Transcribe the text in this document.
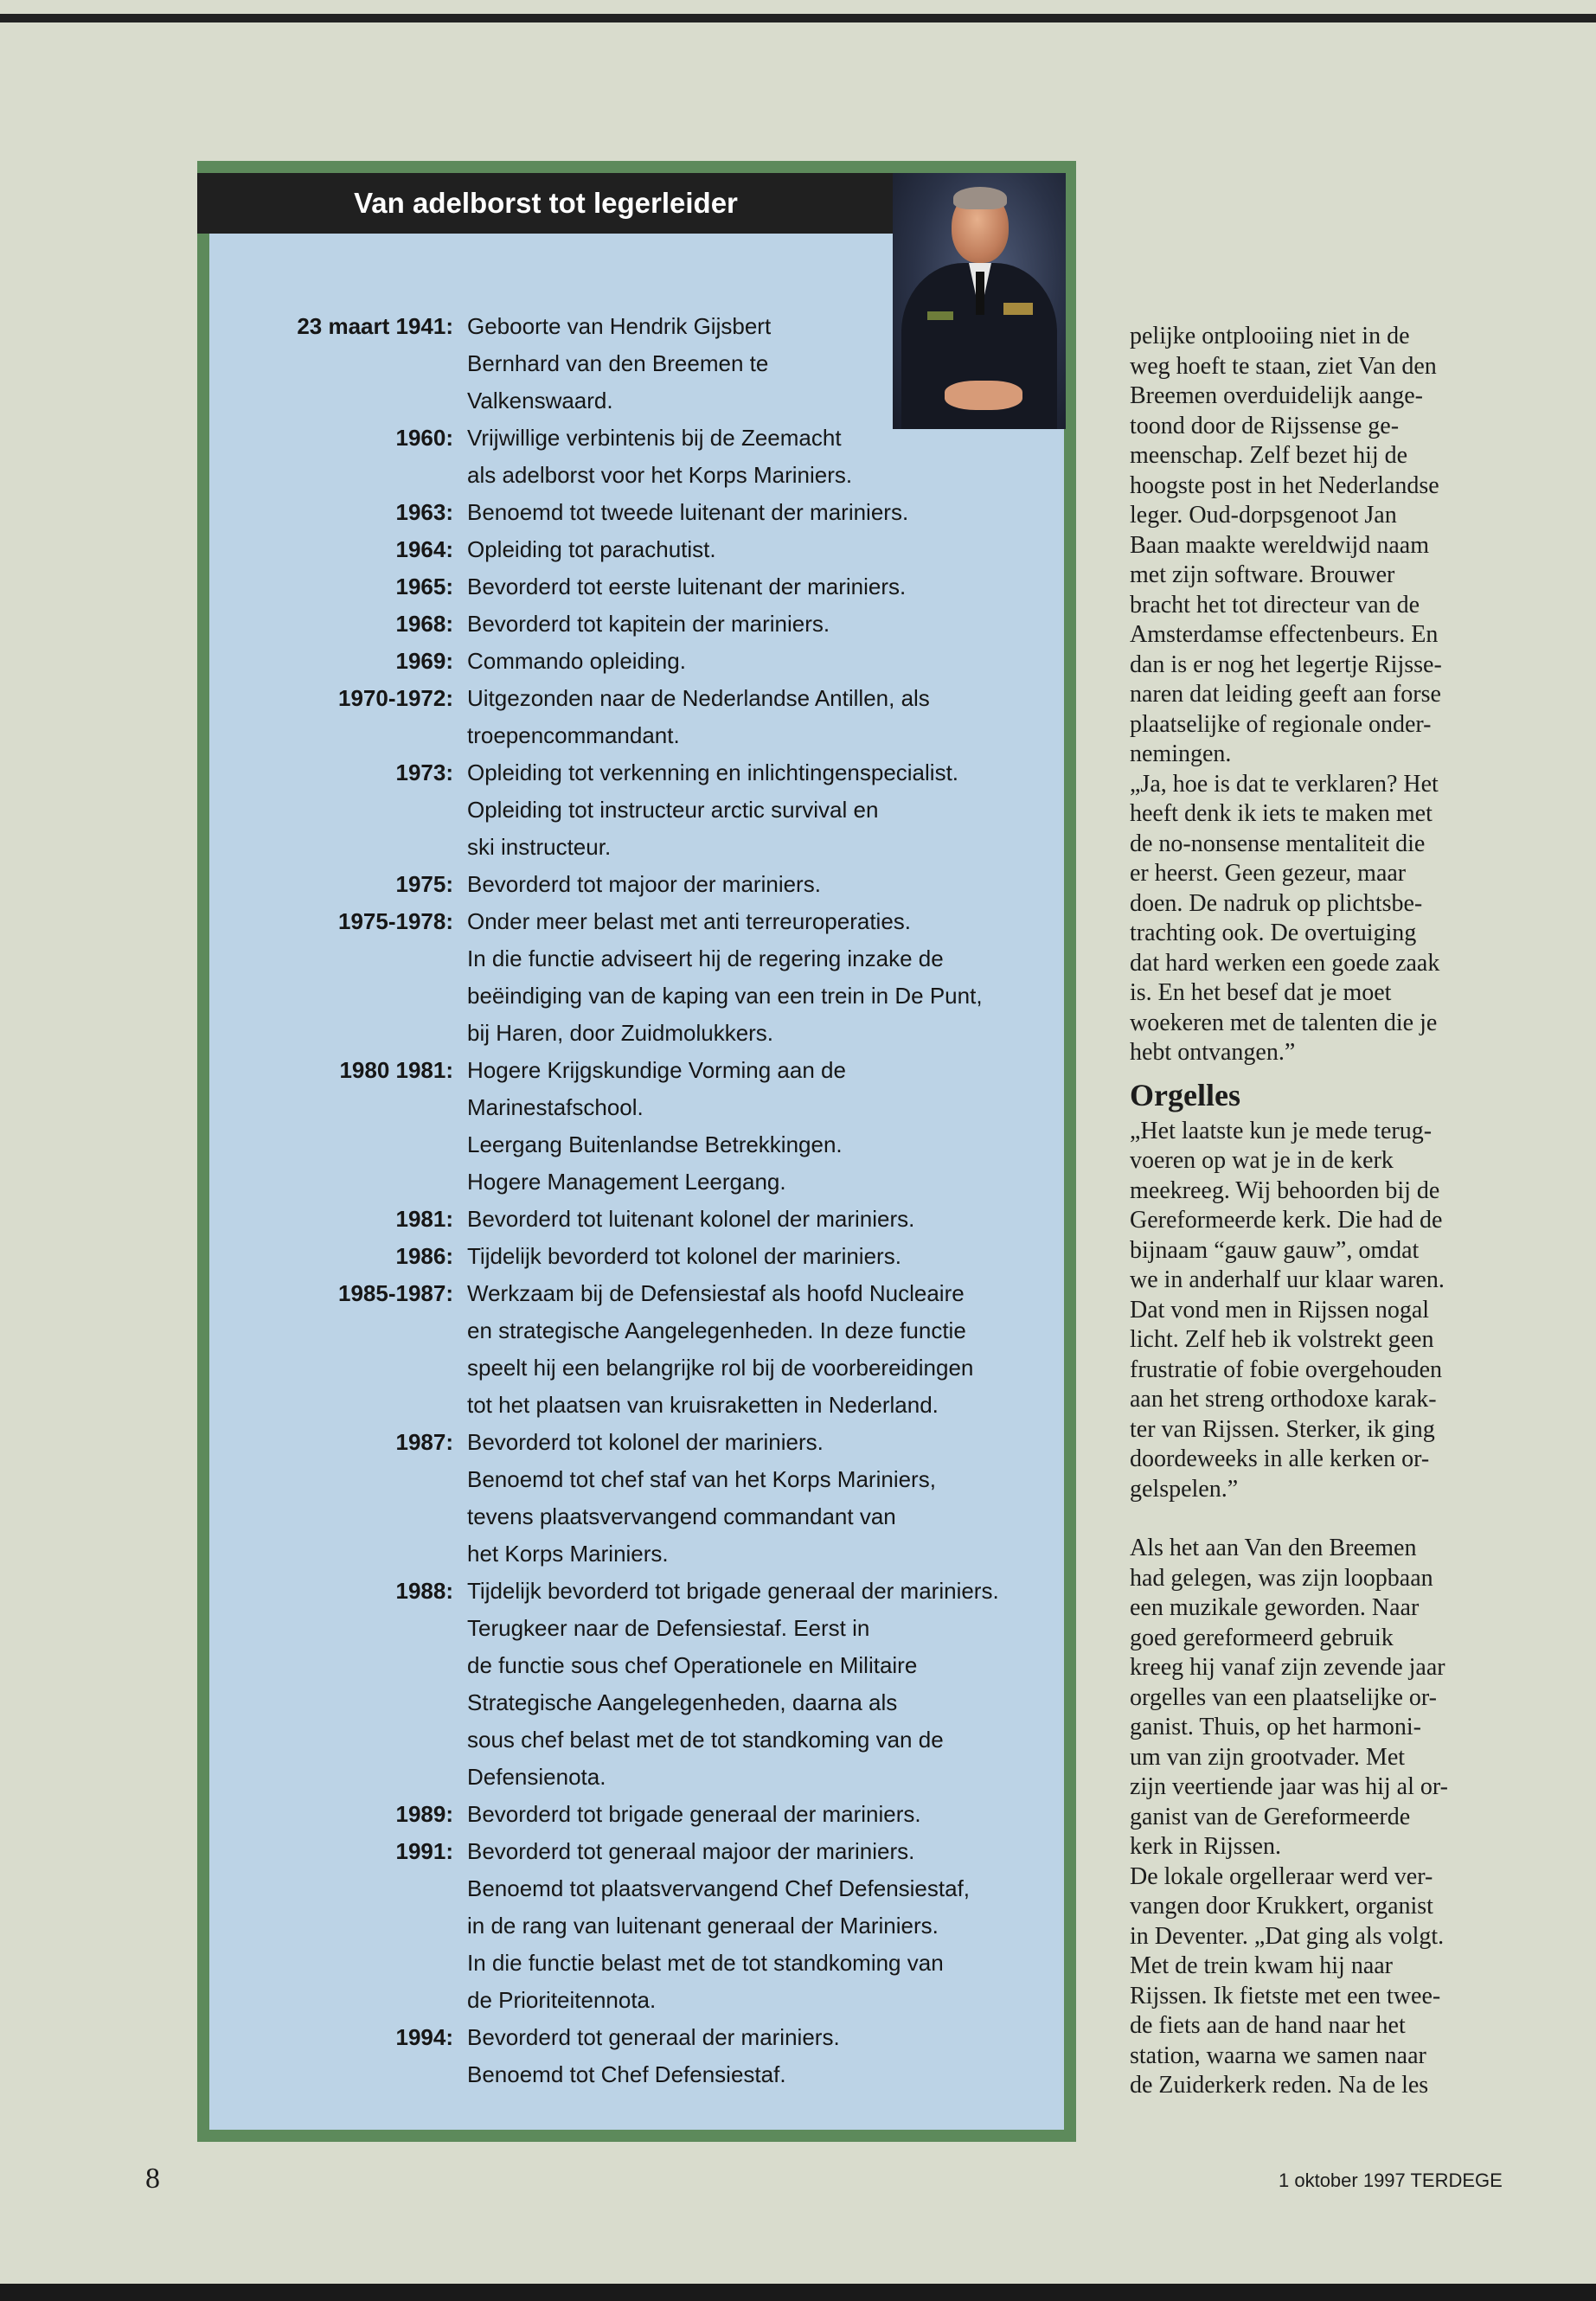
Van adelborst tot legerleider
23 maart 1941: Geboorte van Hendrik Gijsbert
Bernhard van den Breemen te
Valkenswaard.
1960: Vrijwillige verbintenis bij de Zeemacht
als adelborst voor het Korps Mariniers.
1963: Benoemd tot tweede luitenant der mariniers.
1964: Opleiding tot parachutist.
1965: Bevorderd tot eerste luitenant der mariniers.
1968: Bevorderd tot kapitein der mariniers.
1969: Commando opleiding.
1970-1972: Uitgezonden naar de Nederlandse Antillen, als
troepencommandant.
1973: Opleiding tot verkenning en inlichtingenspecialist.
Opleiding tot instructeur arctic survival en
ski instructeur.
1975: Bevorderd tot majoor der mariniers.
1975-1978: Onder meer belast met anti terreuroperaties.
In die functie adviseert hij de regering inzake de
beëindiging van de kaping van een trein in De Punt,
bij Haren, door Zuidmolukkers.
1980 1981: Hogere Krijgskundige Vorming aan de
Marinestafschool.
Leergang Buitenlandse Betrekkingen.
Hogere Management Leergang.
1981: Bevorderd tot luitenant kolonel der mariniers.
1986: Tijdelijk bevorderd tot kolonel der mariniers.
1985-1987: Werkzaam bij de Defensiestaf als hoofd Nucleaire
en strategische Aangelegenheden. In deze functie
speelt hij een belangrijke rol bij de voorbereidingen
tot het plaatsen van kruisraketten in Nederland.
1987: Bevorderd tot kolonel der mariniers.
Benoemd tot chef staf van het Korps Mariniers,
tevens plaatsvervangend commandant van
het Korps Mariniers.
1988: Tijdelijk bevorderd tot brigade generaal der mariniers.
Terugkeer naar de Defensiestaf. Eerst in
de functie sous chef Operationele en Militaire
Strategische Aangelegenheden, daarna als
sous chef belast met de tot standkoming van de
Defensienota.
1989: Bevorderd tot brigade generaal der mariniers.
1991: Bevorderd tot generaal majoor der mariniers.
Benoemd tot plaatsvervangend Chef Defensiestaf,
in de rang van luitenant generaal der Mariniers.
In die functie belast met de tot standkoming van
de Prioriteitennota.
1994: Bevorderd tot generaal der mariniers.
Benoemd tot Chef Defensiestaf.
pelijke ontplooiing niet in de
weg hoeft te staan, ziet Van den
Breemen overduidelijk aange-
toond door de Rijssense ge-
meenschap. Zelf bezet hij de
hoogste post in het Nederlandse
leger. Oud-dorpsgenoot Jan
Baan maakte wereldwijd naam
met zijn software. Brouwer
bracht het tot directeur van de
Amsterdamse effectenbeurs. En
dan is er nog het legertje Rijsse-
naren dat leiding geeft aan forse
plaatselijke of regionale onder-
nemingen.
„Ja, hoe is dat te verklaren? Het
heeft denk ik iets te maken met
de no-nonsense mentaliteit die
er heerst. Geen gezeur, maar
doen. De nadruk op plichtsbe-
trachting ook. De overtuiging
dat hard werken een goede zaak
is. En het besef dat je moet
woekeren met de talenten die je
hebt ontvangen.”
Orgelles
„Het laatste kun je mede terug-
voeren op wat je in de kerk
meekreeg. Wij behoorden bij de
Gereformeerde kerk. Die had de
bijnaam “gauw gauw”, omdat
we in anderhalf uur klaar waren.
Dat vond men in Rijssen nogal
licht. Zelf heb ik volstrekt geen
frustratie of fobie overgehouden
aan het streng orthodoxe karak-
ter van Rijssen. Sterker, ik ging
doordeweeks in alle kerken or-
gelspelen.”
Als het aan Van den Breemen
had gelegen, was zijn loopbaan
een muzikale geworden. Naar
goed gereformeerd gebruik
kreeg hij vanaf zijn zevende jaar
orgelles van een plaatselijke or-
ganist. Thuis, op het harmoni-
um van zijn grootvader. Met
zijn veertiende jaar was hij al or-
ganist van de Gereformeerde
kerk in Rijssen.
De lokale orgelleraar werd ver-
vangen door Krukkert, organist
in Deventer. „Dat ging als volgt.
Met de trein kwam hij naar
Rijssen. Ik fietste met een twee-
de fiets aan de hand naar het
station, waarna we samen naar
de Zuiderkerk reden. Na de les
8	1 oktober 1997 TERDEGE
